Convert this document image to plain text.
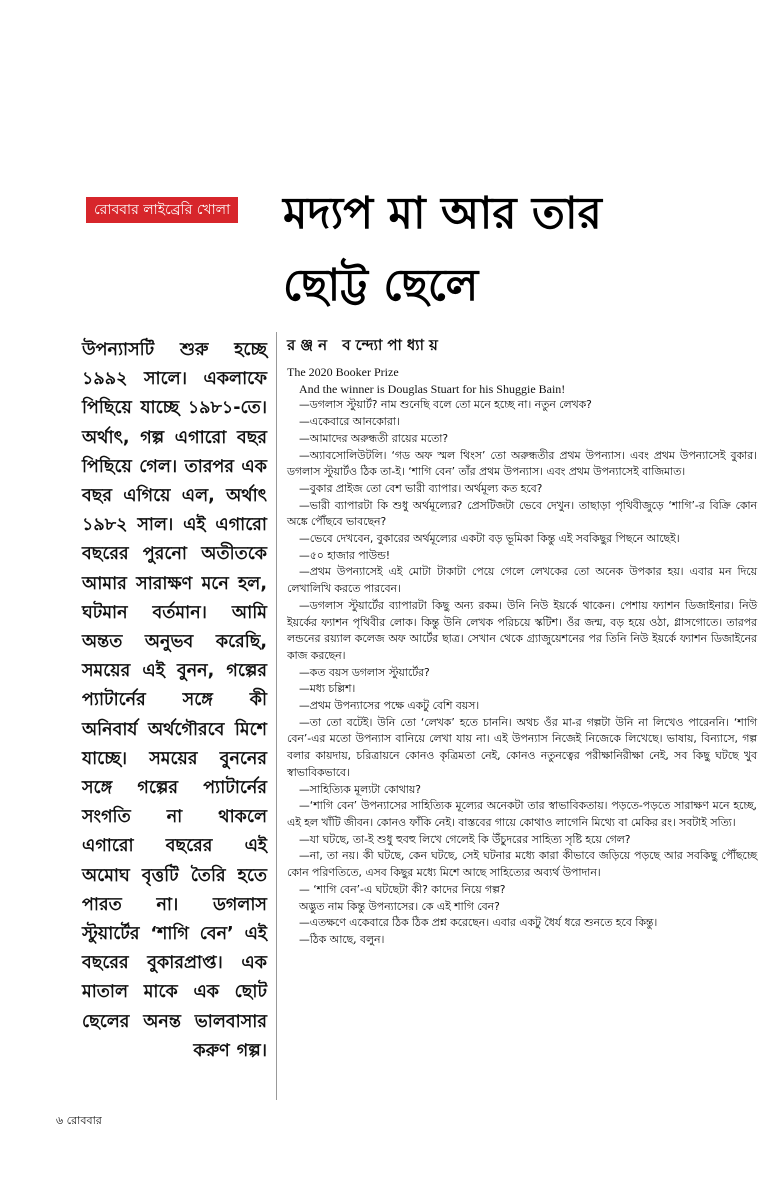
রোববার লাইব্রেরি খোলা মদ্যপ মা আর তার
ছোট্ট ছেলে
উপন্যাসটি শুরু হচ্ছে ১৯৯২ সালে। একলাফে পিছিয়ে যাচ্ছে ১৯৮১-তে। অর্থাৎ, গল্প এগারো বছর পিছিয়ে গেল। তারপর এক বছর এগিয়ে এল, অর্থাৎ ১৯৮২ সাল। এই এগারো বছরের পুরনো অতীতকে আমার সারাক্ষণ মনে হল, ঘটমান বর্তমান। আমি অন্তত অনুভব করেছি, সময়ের এই বুনন, গল্পের প্যাটার্নের সঙ্গে কী অনিবার্য অর্থগৌরবে মিশে যাচ্ছে। সময়ের বুননের সঙ্গে গল্পের প্যাটার্নের সংগতি না থাকলে এগারো বছরের এই অমোঘ বৃত্তটি তৈরি হতে পারত না। ডগলাস স্টুয়ার্টের ‘শাগি বেন’ এই বছরের বুকারপ্রাপ্ত। এক মাতাল মাকে এক ছোট ছেলের অনন্ত ভালবাসার করুণ গল্প।
রঞ্জন বন্দ্যোপাধ্যায়

The 2020 Booker Prize

And the winner is Douglas Stuart for his Shuggie Bain!

—ডগলাস স্টুয়ার্ট? নাম শুনেছি বলে তো মনে হচ্ছে না। নতুন লেখক?

—একেবারে আনকোরা।

—আমাদের অরুন্ধতী রায়ের মতো?

—অ্যাবসোলিউটলি। ‘গড অফ স্মল থিংস’ তো অরুন্ধতীর প্রথম উপন্যাস। এবং প্রথম উপন্যাসেই বুকার। ডগলাস স্টুয়ার্টও ঠিক তা-ই। ‘শাগি বেন’ তাঁর প্রথম উপন্যাস। এবং প্রথম উপন্যাসেই বাজিমাত।

—বুকার প্রাইজ তো বেশ ভারী ব্যাপার। অর্থমূল্য কত হবে?

—ভারী ব্যাপারটা কি শুধু অর্থমূল্যের? প্রেসটিজটা ভেবে দেখুন। তাছাড়া পৃথিবীজুড়ে ‘শাগি’-র বিক্রি কোন অঙ্কে পৌঁছবে ভাবছেন?

—ভেবে দেখবেন, বুকারের অর্থমূল্যের একটা বড় ভূমিকা কিন্তু এই সবকিছুর পিছনে আছেই।

—৫০ হাজার পাউন্ড!

—প্রথম উপন্যাসেই এই মোটা টাকাটা পেয়ে গেলে লেখকের তো অনেক উপকার হয়। এবার মন দিয়ে লেখালিখি করতে পারবেন।

—ডগলাস স্টুয়ার্টের ব্যাপারটা কিছু অন্য রকম। উনি নিউ ইয়র্কে থাকেন। পেশায় ফ্যাশন ডিজাইনার। নিউ ইয়র্কের ফ্যাশন পৃথিবীর লোক। কিন্তু উনি লেখক পরিচয়ে স্কটিশ। ওঁর জন্ম, বড় হয়ে ওঠা, গ্লাসগোতে। তারপর লন্ডনের রয়্যাল কলেজ অফ আর্টের ছাত্র। সেখান থেকে গ্র্যাজুয়েশনের পর তিনি নিউ ইয়র্কে ফ্যাশন ডিজাইনের কাজ করছেন।

—কত বয়স ডগলাস স্টুয়ার্টের?

—মধ্য চল্লিশ।

—প্রথম উপন্যাসের পক্ষে একটু বেশি বয়স।

—তা তো বটেই। উনি তো ‘লেখক’ হতে চাননি। অথচ ওঁর মা-র গল্পটা উনি না লিখেও পারেননি। ‘শাগি বেন’-এর মতো উপন্যাস বানিয়ে লেখা যায় না। এই উপন্যাস নিজেই নিজেকে লিখেছে। ভাষায়, বিন্যাসে, গল্প বলার কায়দায়, চরিত্রায়নে কোনও কৃত্রিমতা নেই, কোনও নতুনত্বের পরীক্ষানিরীক্ষা নেই, সব কিছু ঘটছে খুব স্বাভাবিকভাবে।

—সাহিত্যিক মূল্যটা কোথায়?

—‘শাগি বেন’ উপন্যাসের সাহিত্যিক মূল্যের অনেকটা তার স্বাভাবিকতায়। পড়তে-পড়তে সারাক্ষণ মনে হচ্ছে, এই হল খাঁটি জীবন। কোনও ফাঁকি নেই। বাস্তবের গায়ে কোথাও লাগেনি মিথ্যে বা মেকির রং। সবটাই সত্যি।

—যা ঘটছে, তা-ই শুধু হুবহু লিখে গেলেই কি উঁচুদরের সাহিত্য সৃষ্টি হয়ে গেল?

—না, তা নয়। কী ঘটছে, কেন ঘটছে, সেই ঘটনার মধ্যে কারা কীভাবে জড়িয়ে পড়ছে আর সবকিছু পৌঁছচ্ছে কোন পরিণতিতে, এসব কিছুর মধ্যে মিশে আছে সাহিত্যের অব্যর্থ উপাদান।

— ‘শাগি বেন’-এ ঘটছেটা কী? কাদের নিয়ে গল্প?

অদ্ভুত নাম কিন্তু উপন্যাসের। কে এই শাগি বেন?

—এতক্ষণে একেবারে ঠিক ঠিক প্রশ্ন করেছেন। এবার একটু ধৈর্য ধরে শুনতে হবে কিন্তু।

—ঠিক আছে, বলুন।

৬ রোববার
